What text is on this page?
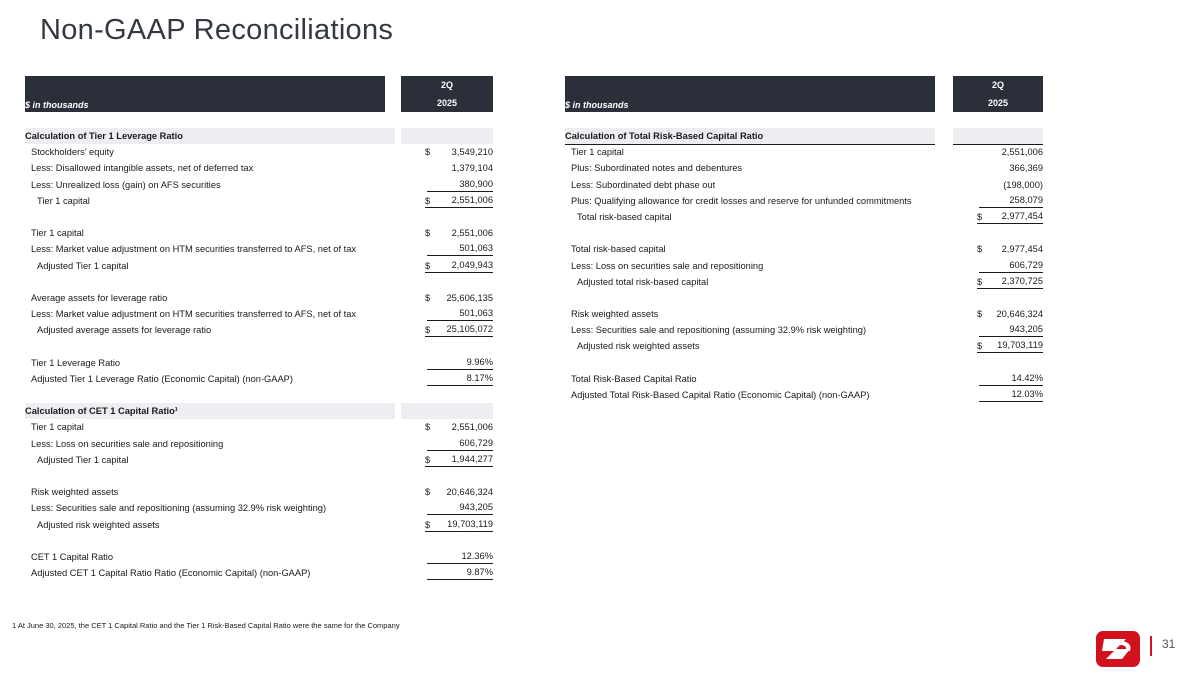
Non-GAAP Reconciliations
$ in thousands
2Q
2025
Calculation of Tier 1 Leverage Ratio
Stockholders’ equity	$ 3,549,210
Less: Disallowed intangible assets, net of deferred tax	1,379,104
Less: Unrealized loss (gain) on AFS securities	380,900
Tier 1 capital	$	2,551,006
Tier 1 capital	$ 2,551,006
Less: Market value adjustment on HTM securities transferred to AFS, net of tax	501,063
Adjusted Tier 1 capital	$	2,049,943
Average assets for leverage ratio	$ 25,606,135
Less: Market value adjustment on HTM securities transferred to AFS, net of tax	501,063
Adjusted average assets for leverage ratio	$	25,105,072
Tier 1 Leverage Ratio	9.96%
Adjusted Tier 1 Leverage Ratio (Economic Capital) (non-GAAP)	8.17%
Calculation of CET 1 Capital Ratio¹
Tier 1 capital	$ 2,551,006
Less: Loss on securities sale and repositioning	606,729
Adjusted Tier 1 capital	$	1,944,277
Risk weighted assets	$ 20,646,324
Less: Securities sale and repositioning (assuming 32.9% risk weighting)	943,205
Adjusted risk weighted assets	$	19,703,119
CET 1 Capital Ratio	12.36%
Adjusted CET 1 Capital Ratio Ratio (Economic Capital) (non-GAAP)	9.87%
$ in thousands
2Q
2025
Calculation of Total Risk-Based Capital Ratio
Tier 1 capital	2,551,006
Plus: Subordinated notes and debentures	366,369
Less: Subordinated debt phase out	(198,000)
Plus: Qualifying allowance for credit losses and reserve for unfunded commitments	258,079
Total risk-based capital	$	2,977,454
Total risk-based capital	$ 2,977,454
Less: Loss on securities sale and repositioning	606,729
Adjusted total risk-based capital	$	2,370,725
Risk weighted assets	$ 20,646,324
Less: Securities sale and repositioning (assuming 32.9% risk weighting)	943,205
Adjusted risk weighted assets	$	19,703,119
Total Risk-Based Capital Ratio	14.42%
Adjusted Total Risk-Based Capital Ratio (Economic Capital) (non-GAAP)	12.03%
1 At June 30, 2025, the CET 1 Capital Ratio and the Tier 1 Risk-Based Capital Ratio were the same for the Company
31
